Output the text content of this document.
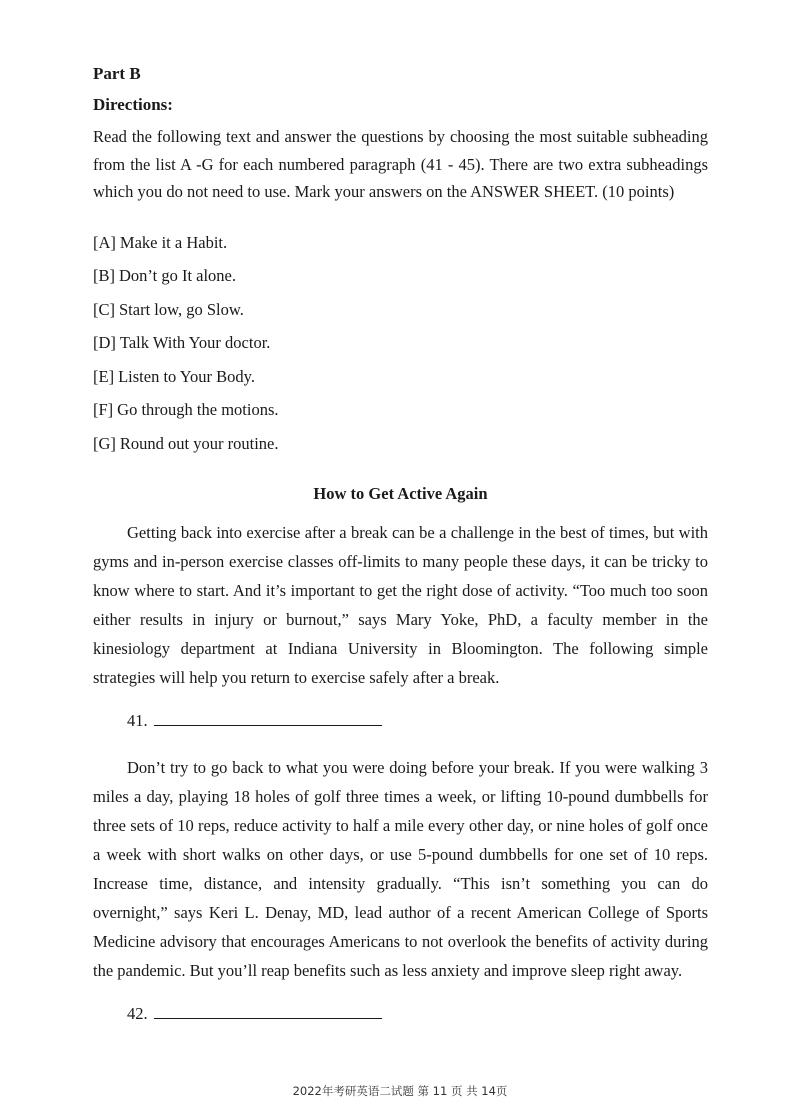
Part B

Directions:

Read the following text and answer the questions by choosing the most suitable subheading from the list A -G for each numbered paragraph (41 - 45). There are two extra subheadings which you do not need to use. Mark your answers on the ANSWER SHEET. (10 points)

[A] Make it a Habit.
[B] Don’t go It alone.
[C] Start low, go Slow.
[D] Talk With Your doctor.
[E] Listen to Your Body.
[F] Go through the motions.
[G] Round out your routine.

How to Get Active Again

Getting back into exercise after a break can be a challenge in the best of times, but with gyms and in-person exercise classes off-limits to many people these days, it can be tricky to know where to start. And it’s important to get the right dose of activity. “Too much too soon either results in injury or burnout,” says Mary Yoke, PhD, a faculty member in the kinesiology department at Indiana University in Bloomington. The following simple strategies will help you return to exercise safely after a break.

41.

Don’t try to go back to what you were doing before your break. If you were walking 3 miles a day, playing 18 holes of golf three times a week, or lifting 10-pound dumbbells for three sets of 10 reps, reduce activity to half a mile every other day, or nine holes of golf once a week with short walks on other days, or use 5-pound dumbbells for one set of 10 reps. Increase time, distance, and intensity gradually. “This isn’t something you can do overnight,” says Keri L. Denay, MD, lead author of a recent American College of Sports Medicine advisory that encourages Americans to not overlook the benefits of activity during the pandemic. But you’ll reap benefits such as less anxiety and improve sleep right away.

42.
2022年考研英语二试题 第 11 页 共 14页
